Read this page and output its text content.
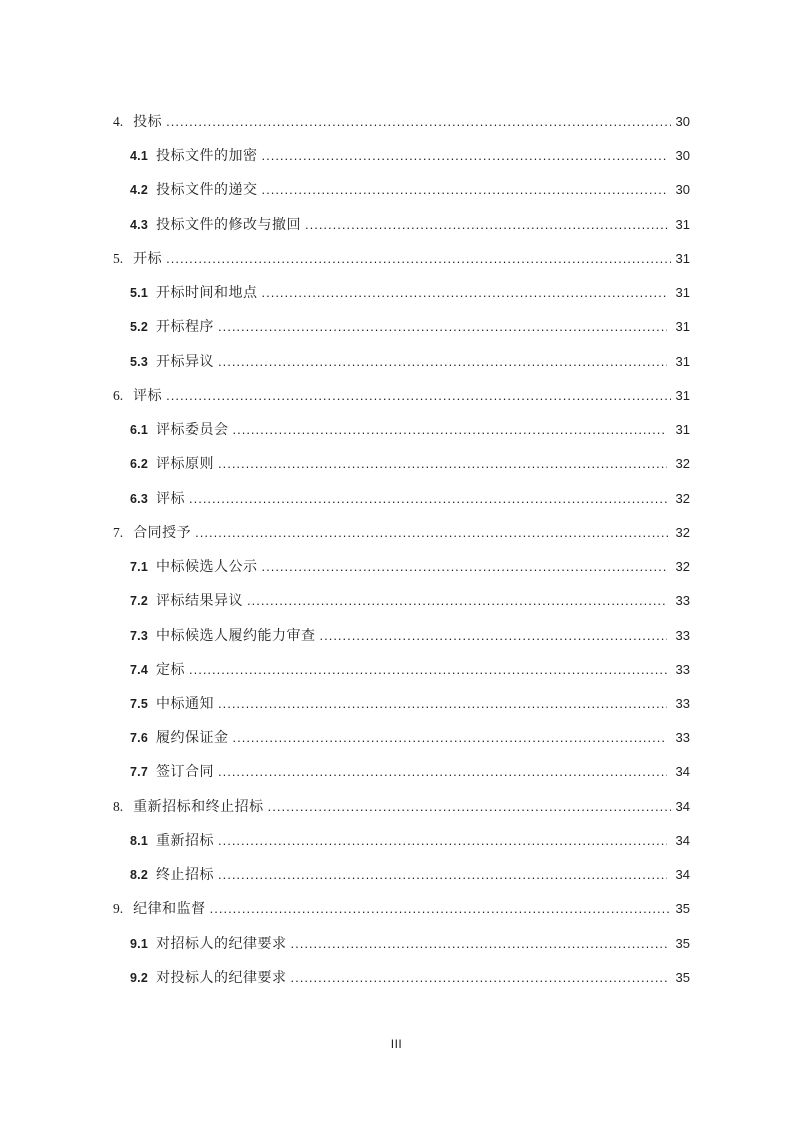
4. 投标 .....	30
4.1 投标文件的加密 .....	30
4.2 投标文件的递交 .....	30
4.3 投标文件的修改与撤回 .....	31
5. 开标 .....	31
5.1 开标时间和地点 .....	31
5.2 开标程序 .....	31
5.3 开标异议 .....	31
6. 评标 .....	31
6.1 评标委员会 .....	31
6.2 评标原则 .....	32
6.3 评标 .....	32
7. 合同授予 .....	32
7.1 中标候选人公示 .....	32
7.2 评标结果异议 .....	33
7.3 中标候选人履约能力审查 .....	33
7.4 定标 .....	33
7.5 中标通知 .....	33
7.6 履约保证金 .....	33
7.7 签订合同 .....	34
8. 重新招标和终止招标 .....	34
8.1 重新招标 .....	34
8.2 终止招标 .....	34
9. 纪律和监督 .....	35
9.1 对招标人的纪律要求 .....	35
9.2 对投标人的纪律要求 .....	35
III
